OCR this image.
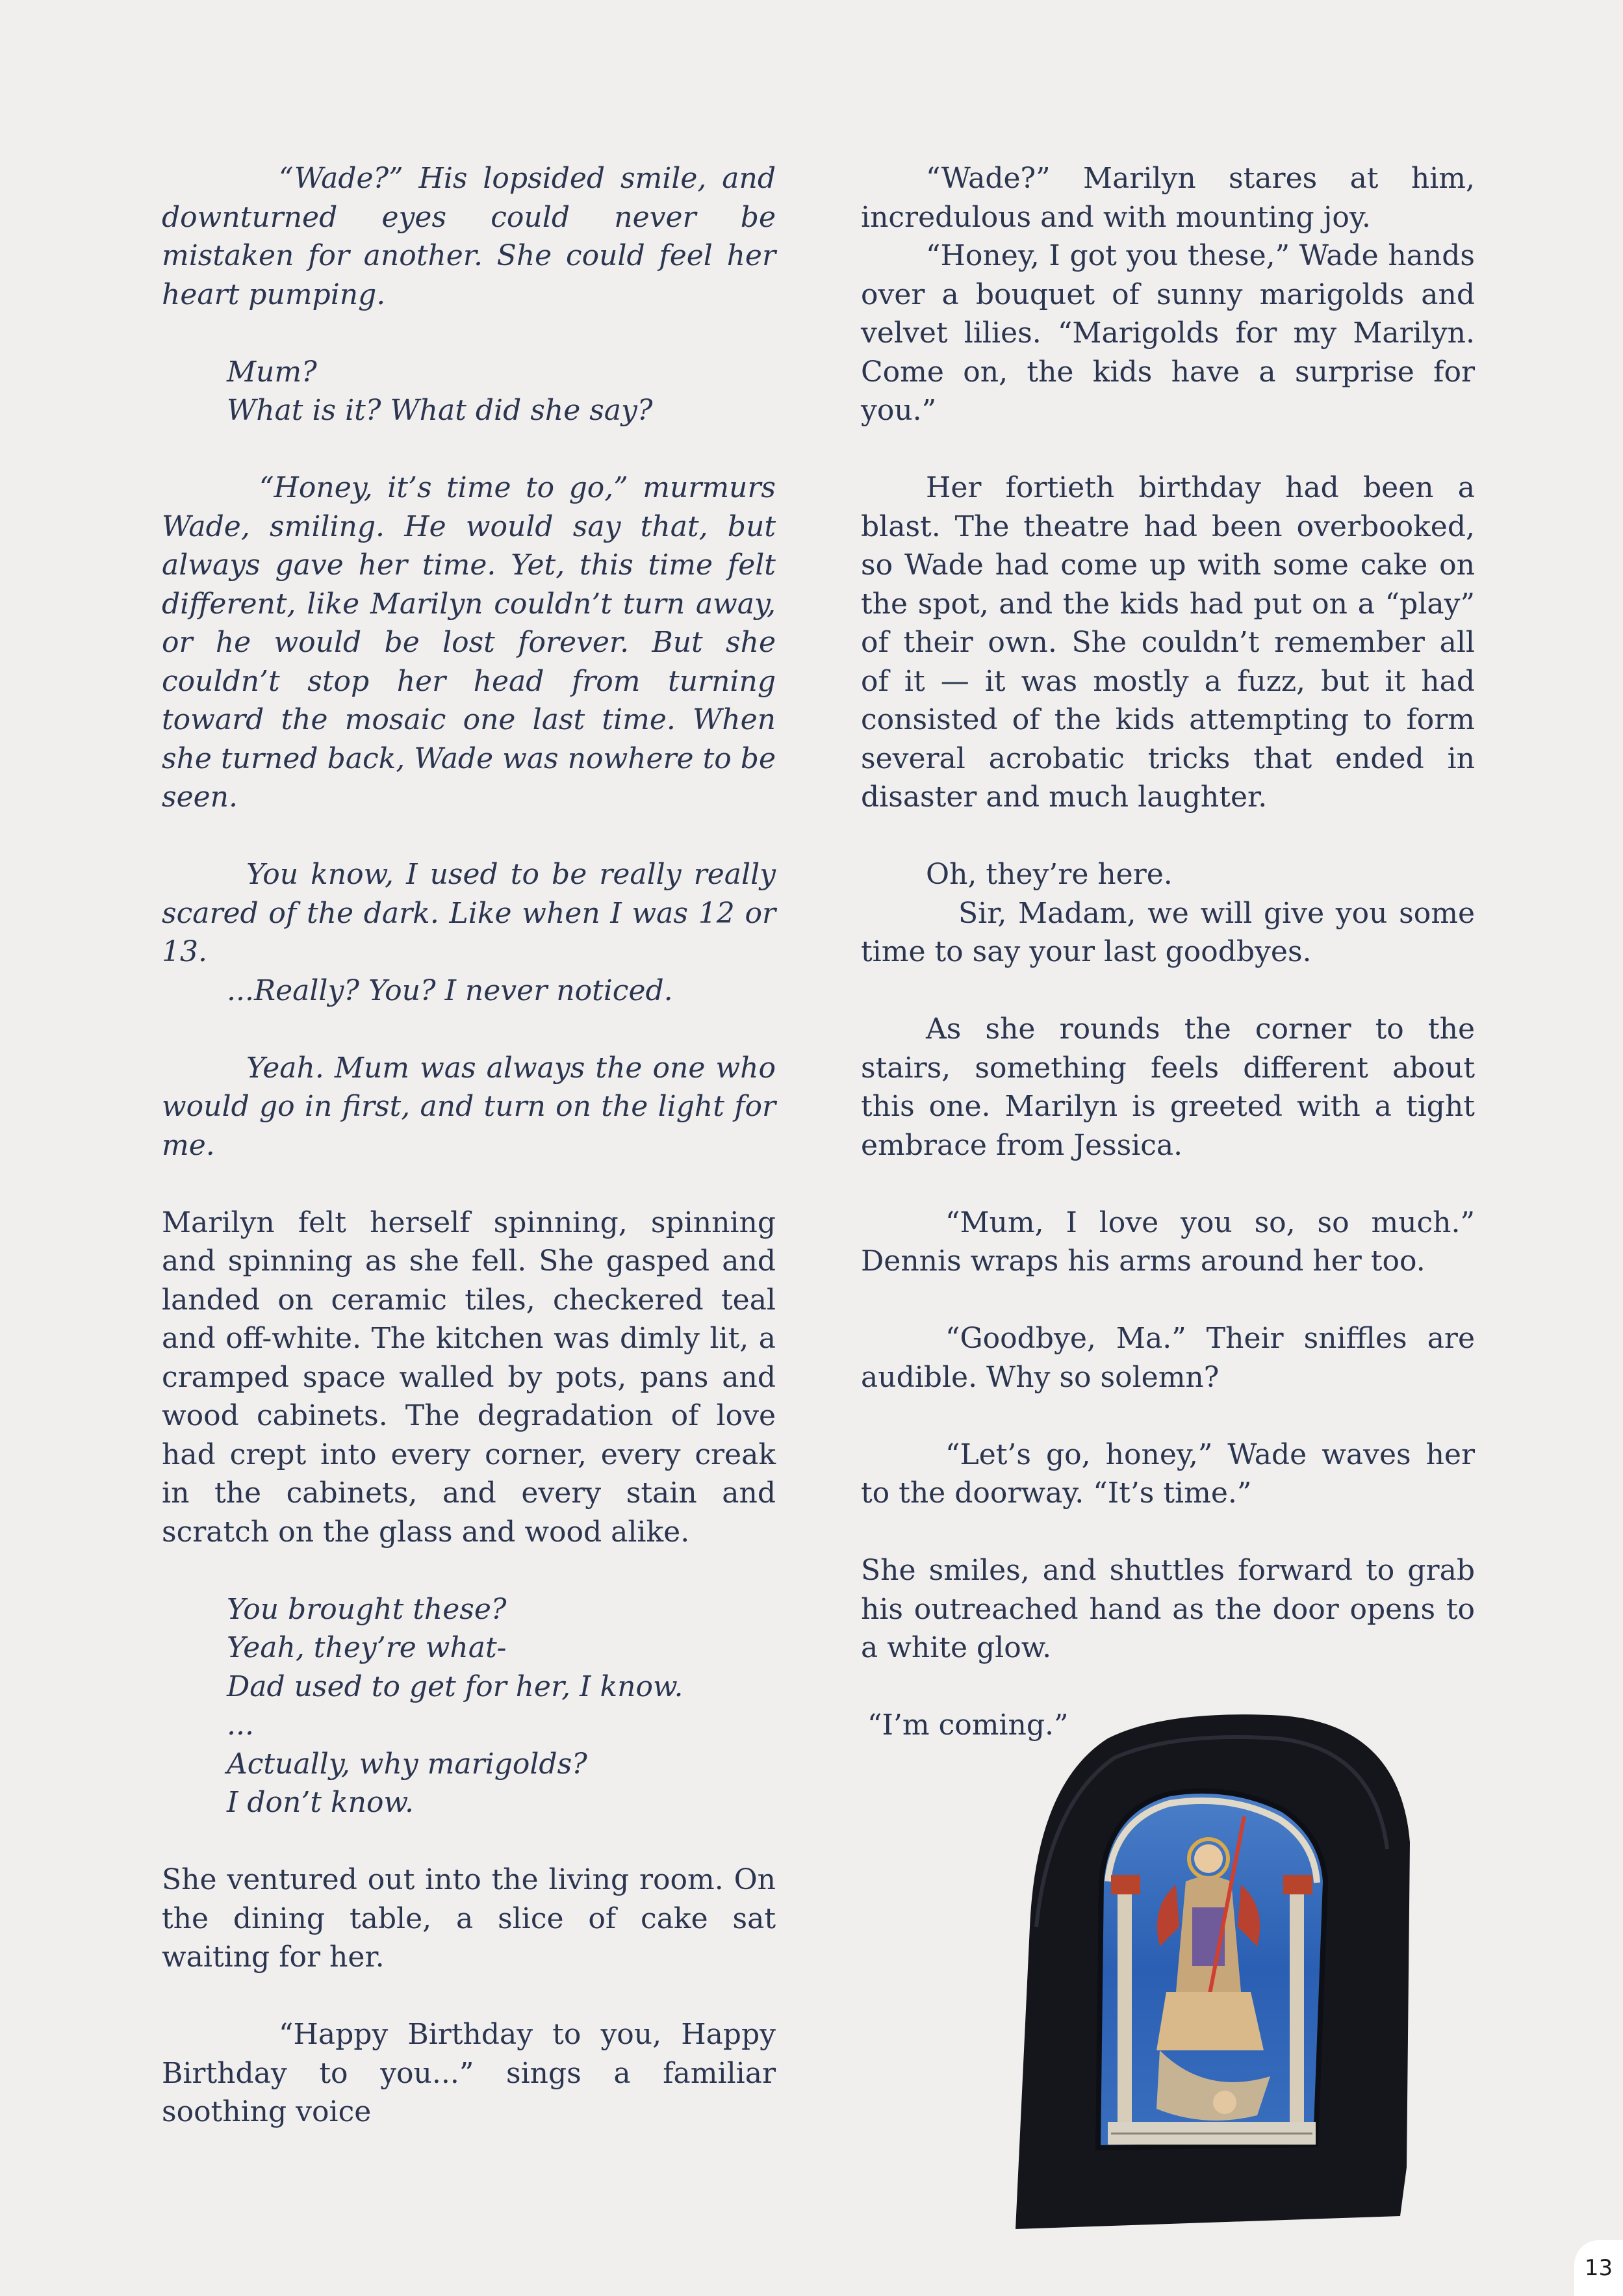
“Wade?” His lopsided smile, and downturned eyes could never be mistaken for another. She could feel her heart pumping.

Mum?

What is it? What did she say?

“Honey, it’s time to go,” murmurs Wade, smiling. He would say that, but always gave her time. Yet, this time felt different, like Marilyn couldn’t turn away, or he would be lost forever. But she couldn’t stop her head from turning toward the mosaic one last time. When she turned back, Wade was nowhere to be seen.

You know, I used to be really really scared of the dark. Like when I was 12 or 13.

...Really? You? I never noticed.

Yeah. Mum was always the one who would go in first, and turn on the light for me.

Marilyn felt herself spinning, spinning and spinning as she fell. She gasped and landed on ceramic tiles, checkered teal and off-white. The kitchen was dimly lit, a cramped space walled by pots, pans and wood cabinets. The degradation of love had crept into every corner, every creak in the cabinets, and every stain and scratch on the glass and wood alike.

You brought these?

Yeah, they’re what-

Dad used to get for her, I know.

...

Actually, why marigolds?

I don’t know.

She ventured out into the living room. On the dining table, a slice of cake sat waiting for her.

“Happy Birthday to you, Happy Birthday to you...” sings a familiar soothing voice

“Wade?” Marilyn stares at him, incredulous and with mounting joy.

“Honey, I got you these,” Wade hands over a bouquet of sunny marigolds and velvet lilies. “Marigolds for my Marilyn. Come on, the kids have a surprise for you.”

Her fortieth birthday had been a blast. The theatre had been overbooked, so Wade had come up with some cake on the spot, and the kids had put on a “play” of their own. She couldn’t remember all of it — it was mostly a fuzz, but it had consisted of the kids attempting to form several acrobatic tricks that ended in disaster and much laughter.

Oh, they’re here.

Sir, Madam, we will give you some time to say your last goodbyes.

As she rounds the corner to the stairs, something feels different about this one. Marilyn is greeted with a tight embrace from Jessica.

“Mum, I love you so, so much.” Dennis wraps his arms around her too.

“Goodbye, Ma.” Their sniffles are audible. Why so solemn?

“Let’s go, honey,” Wade waves her to the doorway. “It’s time.”

She smiles, and shuttles forward to grab his outreached hand as the door opens to a white glow.

“I’m coming.”

13
